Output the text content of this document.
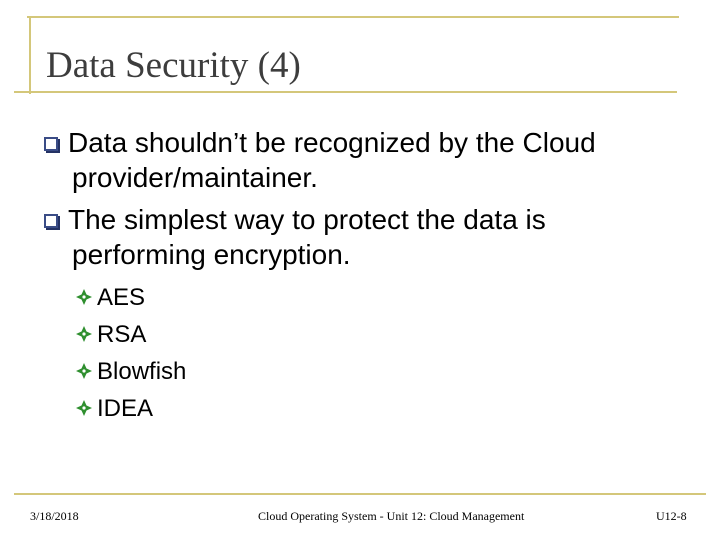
Data Security (4)
Data shouldn’t be recognized by the Cloud
provider/maintainer.
The simplest way to protect the data is
performing encryption.
AES
RSA
Blowfish
IDEA
3/18/2018	Cloud Operating System - Unit 12: Cloud Management	U12-8
